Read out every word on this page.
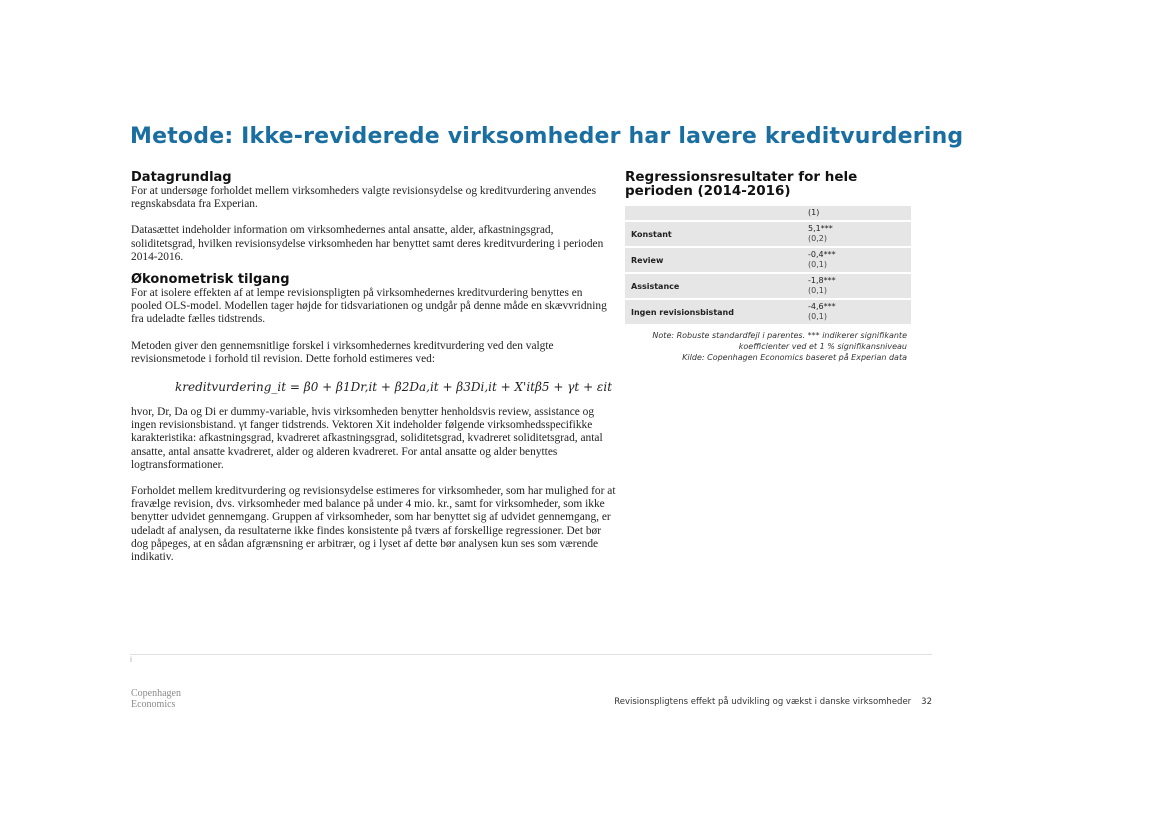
Metode: Ikke-reviderede virksomheder har lavere kreditvurdering

Datagrundlag

For at undersøge forholdet mellem virksomheders valgte revisionsydelse og kreditvurdering anvendes regnskabsdata fra Experian.

Datasættet indeholder information om virksomhedernes antal ansatte, alder, afkastningsgrad, soliditetsgrad, hvilken revisionsydelse virksomheden har benyttet samt deres kreditvurdering i perioden 2014-2016.

Økonometrisk tilgang

For at isolere effekten af at lempe revisionspligten på virksomhedernes kreditvurdering benyttes en pooled OLS-model. Modellen tager højde for tidsvariationen og undgår på denne måde en skævvridning fra udeladte fælles tidstrends.

Metoden giver den gennemsnitlige forskel i virksomhedernes kreditvurdering ved den valgte revisionsmetode i forhold til revision. Dette forhold estimeres ved:

kreditvurdering_it = β0 + β1Dr,it + β2Da,it + β3Di,it + X'itβ5 + γt + εit

hvor, Dr, Da og Di er dummy-variable, hvis virksomheden benytter henholdsvis review, assistance og ingen revisionsbistand. γt fanger tidstrends. Vektoren Xit indeholder følgende virksomhedsspecifikke karakteristika: afkastningsgrad, kvadreret afkastningsgrad, soliditetsgrad, kvadreret soliditetsgrad, antal ansatte, antal ansatte kvadreret, alder og alderen kvadreret. For antal ansatte og alder benyttes logtransformationer.

Forholdet mellem kreditvurdering og revisionsydelse estimeres for virksomheder, som har mulighed for at fravælge revision, dvs. virksomheder med balance på under 4 mio. kr., samt for virksomheder, som ikke benytter udvidet gennemgang. Gruppen af virksomheder, som har benyttet sig af udvidet gennemgang, er udeladt af analysen, da resultaterne ikke findes konsistente på tværs af forskellige regressioner. Det bør dog påpeges, at en sådan afgrænsning er arbitrær, og i lyset af dette bør analysen kun ses som værende indikativ.

Regressionsresultater for hele perioden (2014-2016)

	(1)
Konstant	5,1***
(0,2)
Review	-0,4***
(0,1)
Assistance	-1,8***
(0,1)
Ingen revisionsbistand	-4,6***
(0,1)
Note: Robuste standardfejl i parentes. *** indikerer signifikante
koefficienter ved et 1 % signifikansniveau
Kilde: Copenhagen Economics baseret på Experian data
i
Copenhagen
Economics	Revisionspligtens effekt på udvikling og vækst i danske virksomheder 32
